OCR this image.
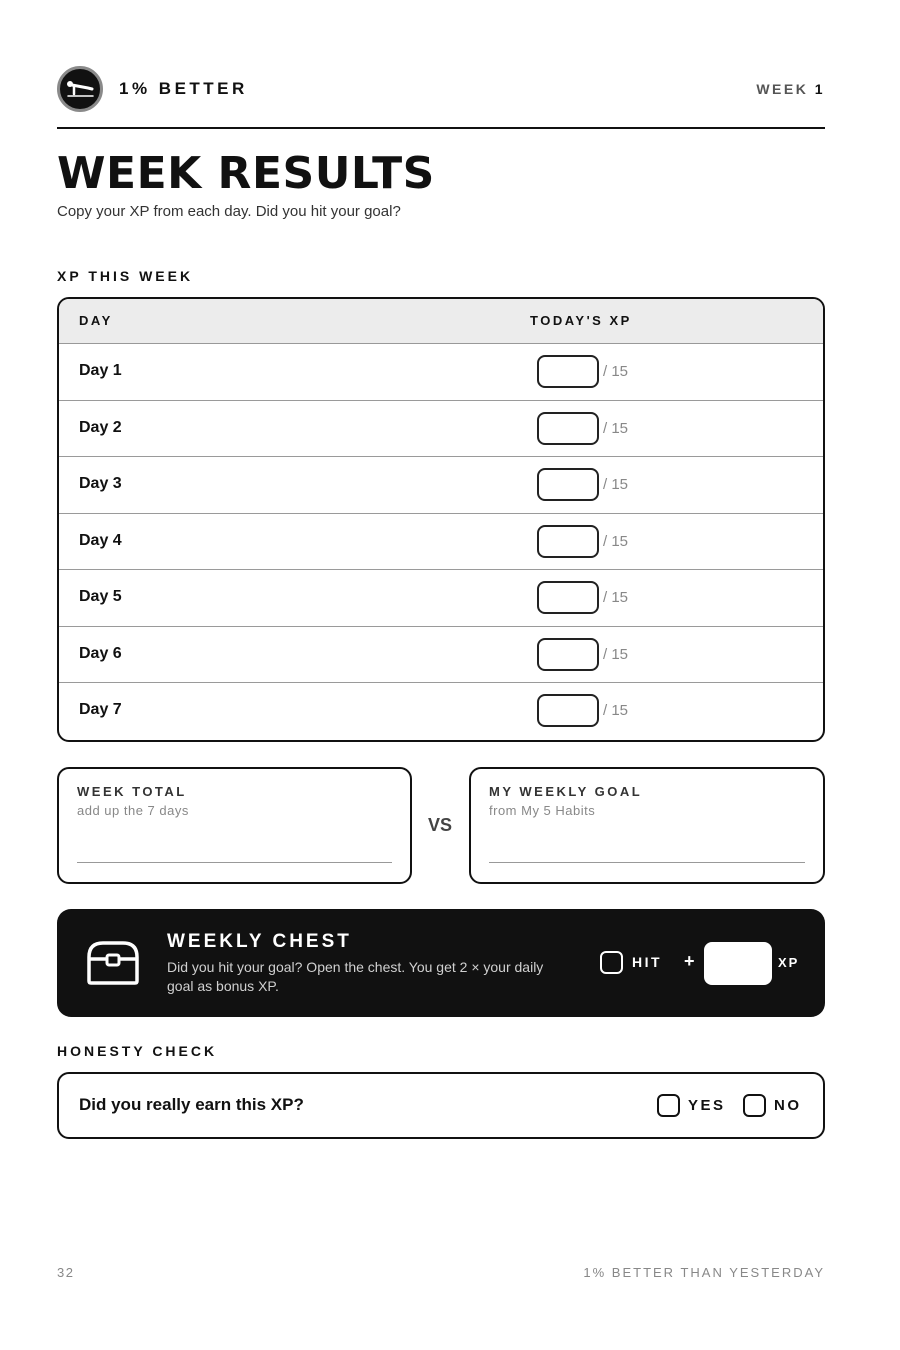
1% BETTER	WEEK 1
WEEK RESULTS
Copy your XP from each day. Did you hit your goal?
XP THIS WEEK
DAY	TODAY'S XP
Day 1	/ 15
Day 2	/ 15
Day 3	/ 15
Day 4	/ 15
Day 5	/ 15
Day 6	/ 15
Day 7	/ 15
WEEK TOTAL
add up the 7 days
VS
MY WEEKLY GOAL
from My 5 Habits
WEEKLY CHEST
Did you hit your goal? Open the chest. You get 2 × your daily goal as bonus XP.
HIT +	XP
HONESTY CHECK
Did you really earn this XP?	YES	NO
32	1% BETTER THAN YESTERDAY
